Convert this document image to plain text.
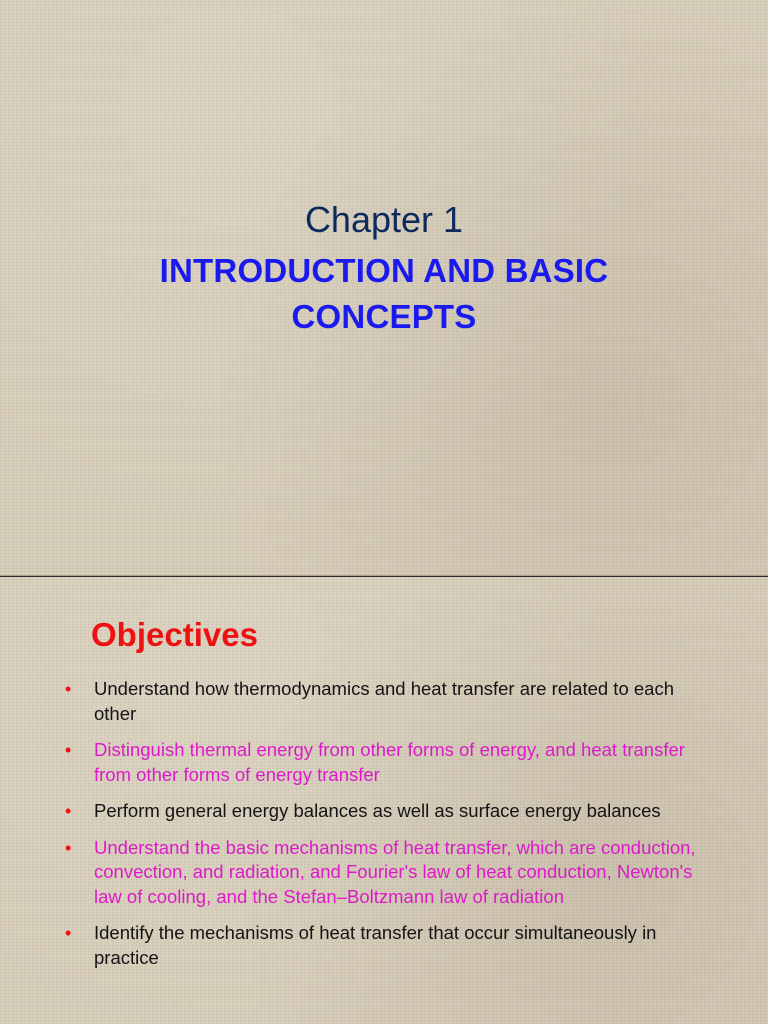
Chapter 1
INTRODUCTION AND BASIC
CONCEPTS
Objectives
• Understand how thermodynamics and heat transfer are related to each other
• Distinguish thermal energy from other forms of energy, and heat transfer from other forms of energy transfer
• Perform general energy balances as well as surface energy balances
• Understand the basic mechanisms of heat transfer, which are conduction, convection, and radiation, and Fourier's law of heat conduction, Newton's law of cooling, and the Stefan–Boltzmann law of radiation
• Identify the mechanisms of heat transfer that occur simultaneously in practice
